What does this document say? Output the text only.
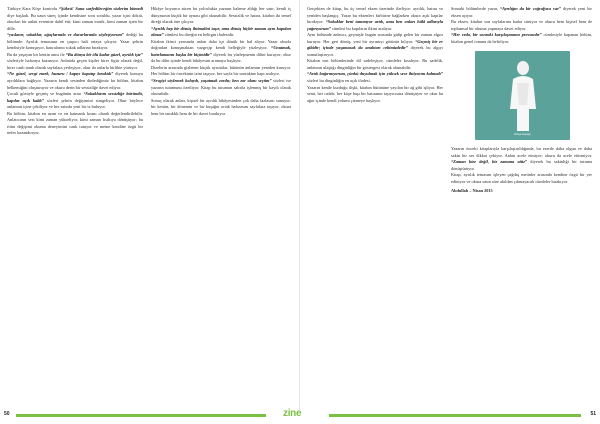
Türkiye Kara Köşe kontrolu “Şükrü! Sana sarfedileceğim sözlerim bitmedi diye başladı. Bu uzun süreç içinde kendisine soru soruldu, yazar içini döktü, okurları bir anlatı evrenine dahil etti; kimi zaman ironik, kimi zaman içten bir dille.

“yaslanır, sokaklar, ağaçlarımla ve duvarlarımla söyleşiyorum” dediği bu bölümde: Ayrılık temasının en çarpıcı hali ortaya çıkıyor. Yazar şehrin kendisiyle konuşuyor, hatıralarını sokak adlarına bırakıyor.

Bu da yaşayan bir kentin anısı ile “Bu dünya bir ölü kadar güzel, ayrılık işte” sözleriyle hafızaya kazınıyor. Anlatıda geçen kişiler birer figür olarak değil, birer canlı tanık olarak sayfalara yerleşiyor, okur da onlarla birlikte yürüyor.

“Ne güzel, sevgi emek, huzuru / kapıyı kapatıp bıraktık” diyerek konuyu ayrılıklara bağlıyor. Yazarın kendi sesinden dinlediğimiz bu bölüm, kitabın belkemiğini oluşturuyor ve okuru derin bir sessizliğe davet ediyor.

Çocuk gözüyle geçmiş ve bugünün arası “Sokaklarım sessizliğe büründü, kapılar açık kaldı” sözleri şehrin değişimini simgeliyor. Okur böylece anlatının içine çekiliyor ve her satırda yeni bir iz buluyor.

Bu bölüm, kitabın en uzun ve en katmanlı kısmı olarak değerlendirilebilir. Anlatıcının sesi kimi zaman yükseliyor, kimi zaman fısıltıya dönüşüyor; bu ritim değişimi okuma deneyimini canlı tutuyor ve metne kendine özgü bir nefes kazandırıyor.

Hikâye boyunca süren bu yolculukta yazarın kaleme aldığı her satır, kendi iç dünyasının küçük bir aynası gibi okunabilir. Sessizlik ve hatıra, kitabın iki temel direği olarak öne çıkıyor.

“Ayrılık hep bir dönüş ihtimalini taşır, ama dönüş hiçbir zaman aynı kapıdan olmaz” cümlesi bu direğin en belirgin ifadesidir.

Kitabın ikinci yarısında anlatı daha içe dönük bir hal alıyor. Yazar okurla doğrudan konuşmaktan vazgeçip kendi belleğiyle yüzleşiyor. “Unutmak, hatırlamanın başka bir biçimidir” diyerek bu yüzleşmenin dilini kuruyor; okur da bu dilin içinde kendi hikâyesini aramaya başlıyor.

Dizelerin arasında gizlenen küçük ayrıntılar, bütünün anlamını yeniden kuruyor. Her bölüm bir öncekinin izini taşıyor, her sayfa bir sonrakine kapı aralıyor.

“Sevgiyi söylemek kolaydı, yaşatmak zordu; ben zor olanı seçtim” sözleri ise yazarın tutumunu özetliyor. Kitap bu tutumun sabırla işlenmiş bir kaydı olarak okunabilir.

Sonuç olarak anlatı, kişisel bir ayrılık hikâyesinden çok daha fazlasını sunuyor: bir kentin, bir dönemin ve bir kuşağın ortak hafızasını sayfalara taşıyor, okura hem bir tanıklık hem de bir davet bırakıyor.

Gerçekten de kitap, bu üç temel eksen üzerinde ilerliyor: ayrılık, hatıra ve yeniden başlangıç. Yazar bu eksenleri birbirine bağlarken okura açık kapılar bırakıyor. “Sokaklar beni tanımıyor artık, ama ben onları hâlâ adlarıyla çağırıyorum” cümlesi bu kapıların ilkini aralıyor.

Aynı bölümde anlatıcı, geçmişle bugün arasında gidip gelen bir zaman algısı kuruyor. Her geri dönüş, yeni bir ayrıntıyı görünür kılıyor. “Geçmiş bir ev gibidir; içinde yaşamasak da anahtarı cebimizdedir” diyerek bu algıyı somutlaştırıyor.

Kitabın son bölümlerinde dil sadeleşiyor, cümleler kısalıyor. Bu sadelik, anlatının ulaştığı dinginliğin bir göstergesi olarak okunabilir.

“Artık bağırmıyorum, çünkü duyulmak için yüksek sese ihtiyacım kalmadı” sözleri bu dinginliğin en açık ifadesi.

Yazarın kentle kurduğu ilişki, kitabın bütününe yayılan bir ağ gibi işliyor. Her semt, her cadde, her köşe başı bir hatıranın taşıyıcısına dönüşüyor ve okur bu ağın içinde kendi yolunu çizmeye başlıyor.

Sonraki bölümlerde yazar, “Ayrılığın da bir coğrafyası var” diyerek yeni bir eksen açıyor.

Bu eksen, kitabın son sayfalarına kadar sürüyor ve okuru hem kişisel hem de toplumsal bir okuma yapmaya davet ediyor.

“Her veda, bir sonraki karşılaşmanın provasıdır” cümlesiyle kapanan bölüm, kitabın genel tonunu da belirliyor.

Kitap kapağı

Yazarın önceki kitaplarıyla karşılaştırıldığında, bu eserde daha olgun ve daha sakin bir ses dikkat çekiyor. Anlatı acele etmiyor; okuru da acele ettirmiyor. “Zaman bize değil, biz zamana aitiz” diyerek bu sakinliği bir tutuma dönüştürüyor.

Kitap, ayrılık temasını işleyen çağdaş metinler arasında kendine özgü bir yer ediniyor ve okura uzun süre akıldan çıkmayacak cümleler bırakıyor.

Abdullah – Nisan 2015
50	51
zine
